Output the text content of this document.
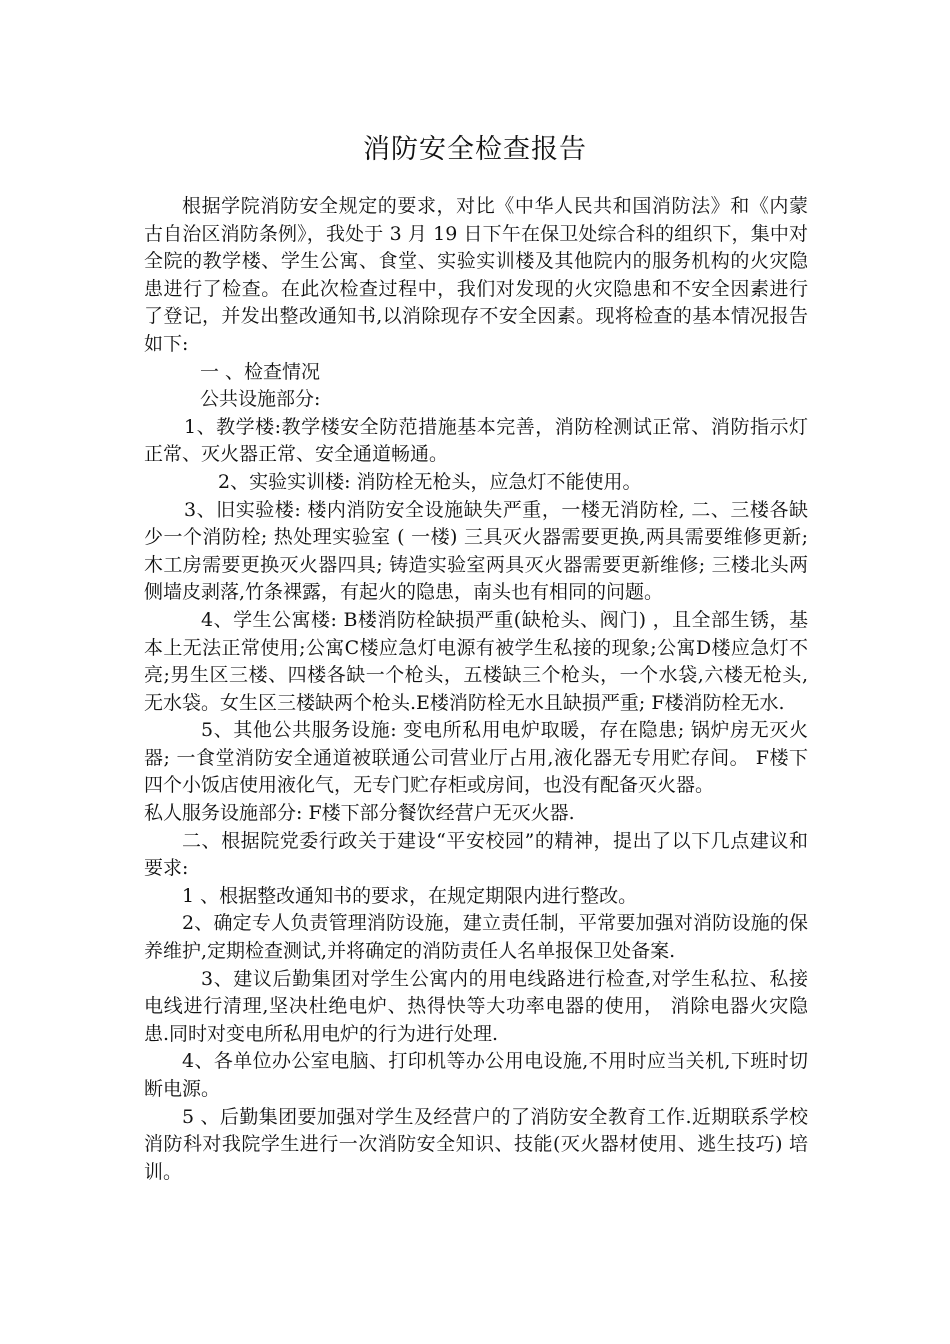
消防安全检查报告

根据学院消防安全规定的要求，对比《中华人民共和国消防法》和《内蒙古自治区消防条例》，我处于 3 月 19 日下午在保卫处综合科的组织下，集中对全院的教学楼、学生公寓、食堂、实验实训楼及其他院内的服务机构的火灾隐患进行了检查。在此次检查过程中，我们对发现的火灾隐患和不安全因素进行了登记，并发出整改通知书,以消除现存不安全因素。现将检查的基本情况报告如下:

一 、检查情况

公共设施部分:

1、教学楼:教学楼安全防范措施基本完善，消防栓测试正常、消防指示灯正常、灭火器正常、安全通道畅通。

2、实验实训楼: 消防栓无枪头，应急灯不能使用。

3、旧实验楼: 楼内消防安全设施缺失严重，一楼无消防栓, 二、三楼各缺少一个消防栓; 热处理实验室 ( 一楼) 三具灭火器需要更换,两具需要维修更新;木工房需要更换灭火器四具; 铸造实验室两具灭火器需要更新维修; 三楼北头两侧墙皮剥落,竹条裸露，有起火的隐患，南头也有相同的问题。

4、学生公寓楼: B楼消防栓缺损严重(缺枪头、阀门) ，且全部生锈，基本上无法正常使用;公寓C楼应急灯电源有被学生私接的现象;公寓D楼应急灯不亮;男生区三楼、四楼各缺一个枪头，五楼缺三个枪头，一个水袋,六楼无枪头,无水袋。女生区三楼缺两个枪头.E楼消防栓无水且缺损严重; F楼消防栓无水.

5、其他公共服务设施: 变电所私用电炉取暖，存在隐患; 锅炉房无灭火器; 一食堂消防安全通道被联通公司营业厅占用,液化器无专用贮存间。 F楼下四个小饭店使用液化气，无专门贮存柜或房间，也没有配备灭火器。

私人服务设施部分: F楼下部分餐饮经营户无灭火器.

二、根据院党委行政关于建设“平安校园”的精神，提出了以下几点建议和要求:

1 、根据整改通知书的要求，在规定期限内进行整改。

2、确定专人负责管理消防设施，建立责任制，平常要加强对消防设施的保养维护,定期检查测试,并将确定的消防责任人名单报保卫处备案.

3、建议后勤集团对学生公寓内的用电线路进行检查,对学生私拉、私接电线进行清理,坚决杜绝电炉、热得快等大功率电器的使用， 消除电器火灾隐患.同时对变电所私用电炉的行为进行处理.

4、各单位办公室电脑、打印机等办公用电设施,不用时应当关机,下班时切断电源。

5 、后勤集团要加强对学生及经营户的了消防安全教育工作.近期联系学校消防科对我院学生进行一次消防安全知识、技能(灭火器材使用、逃生技巧) 培训。
